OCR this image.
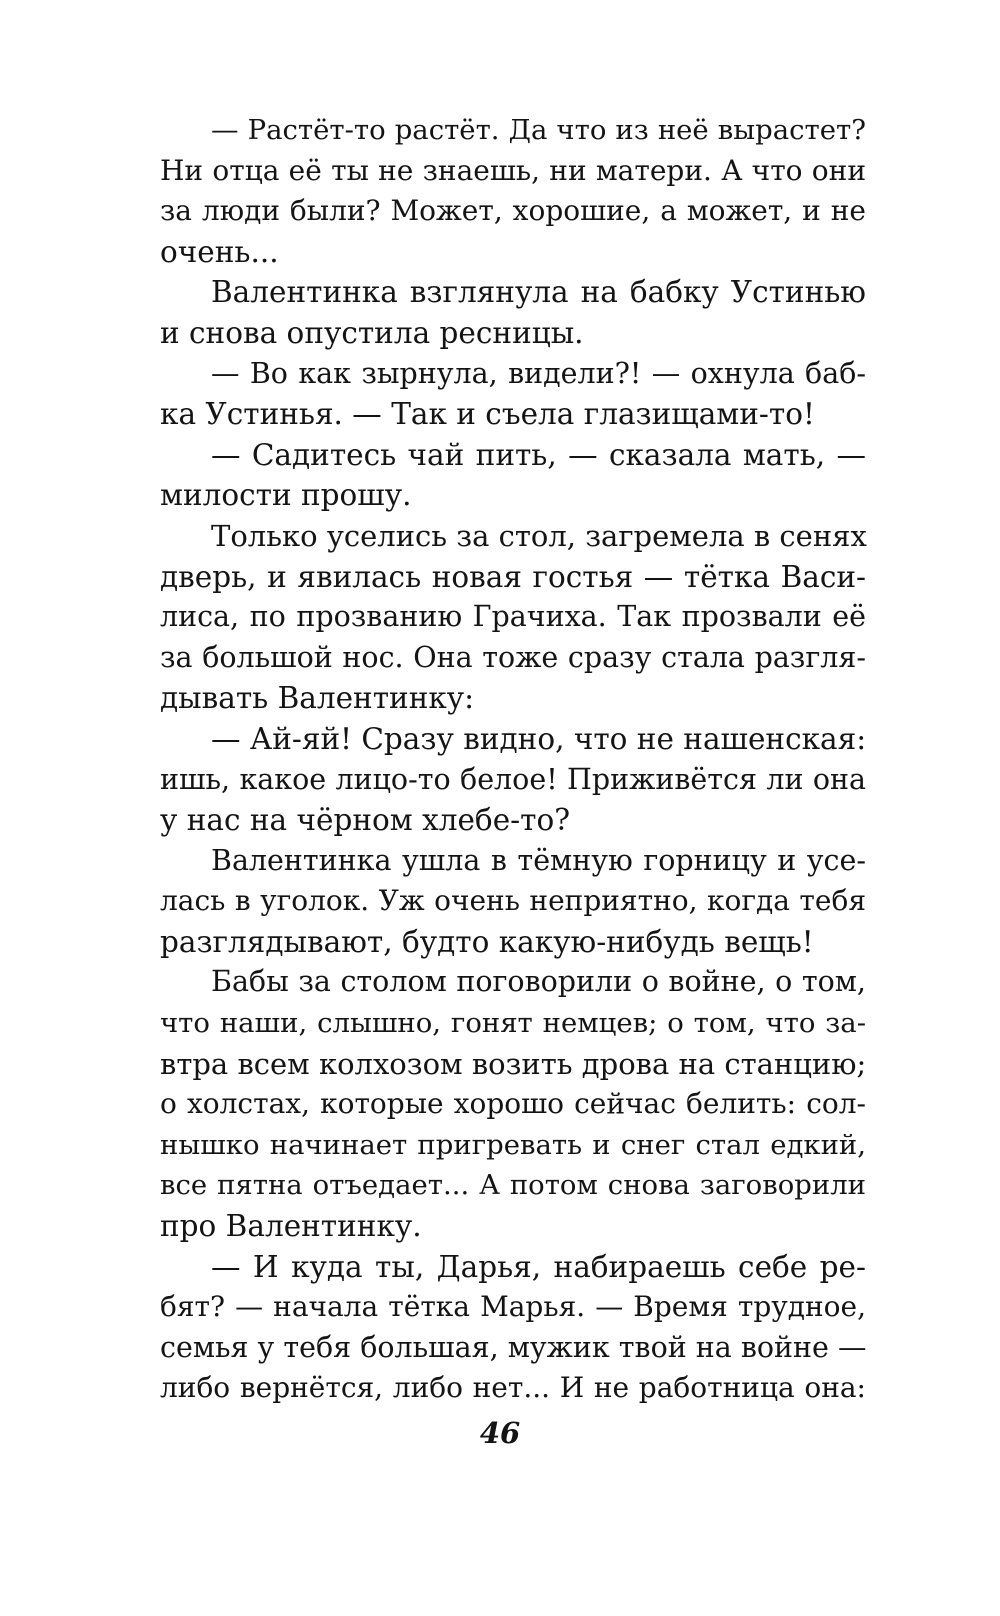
— Растёт-то растёт. Да что из неё вырастет?
Ни отца её ты не знаешь, ни матери. А что они
за люди были? Может, хорошие, а может, и не
очень...
Валентинка взглянула на бабку Устинью
и снова опустила ресницы.
— Во как зырнула, видели?! — охнула баб-
ка Устинья. — Так и съела глазищами-то!
— Садитесь чай пить, — сказала мать, —
милости прошу.
Только уселись за стол, загремела в сенях
дверь, и явилась новая гостья — тётка Васи-
лиса, по прозванию Грачиха. Так прозвали её
за большой нос. Она тоже сразу стала разгля-
дывать Валентинку:
— Ай-яй! Сразу видно, что не нашенская:
ишь, какое лицо-то белое! Приживётся ли она
у нас на чёрном хлебе-то?
Валентинка ушла в тёмную горницу и усе-
лась в уголок. Уж очень неприятно, когда тебя
разглядывают, будто какую-нибудь вещь!
Бабы за столом поговорили о войне, о том,
что наши, слышно, гонят немцев; о том, что за-
втра всем колхозом возить дрова на станцию;
о холстах, которые хорошо сейчас белить: сол-
нышко начинает пригревать и снег стал едкий,
все пятна отъедает... А потом снова заговорили
про Валентинку.
— И куда ты, Дарья, набираешь себе ре-
бят? — начала тётка Марья. — Время трудное,
семья у тебя большая, мужик твой на войне —
либо вернётся, либо нет... И не работница она:
46
